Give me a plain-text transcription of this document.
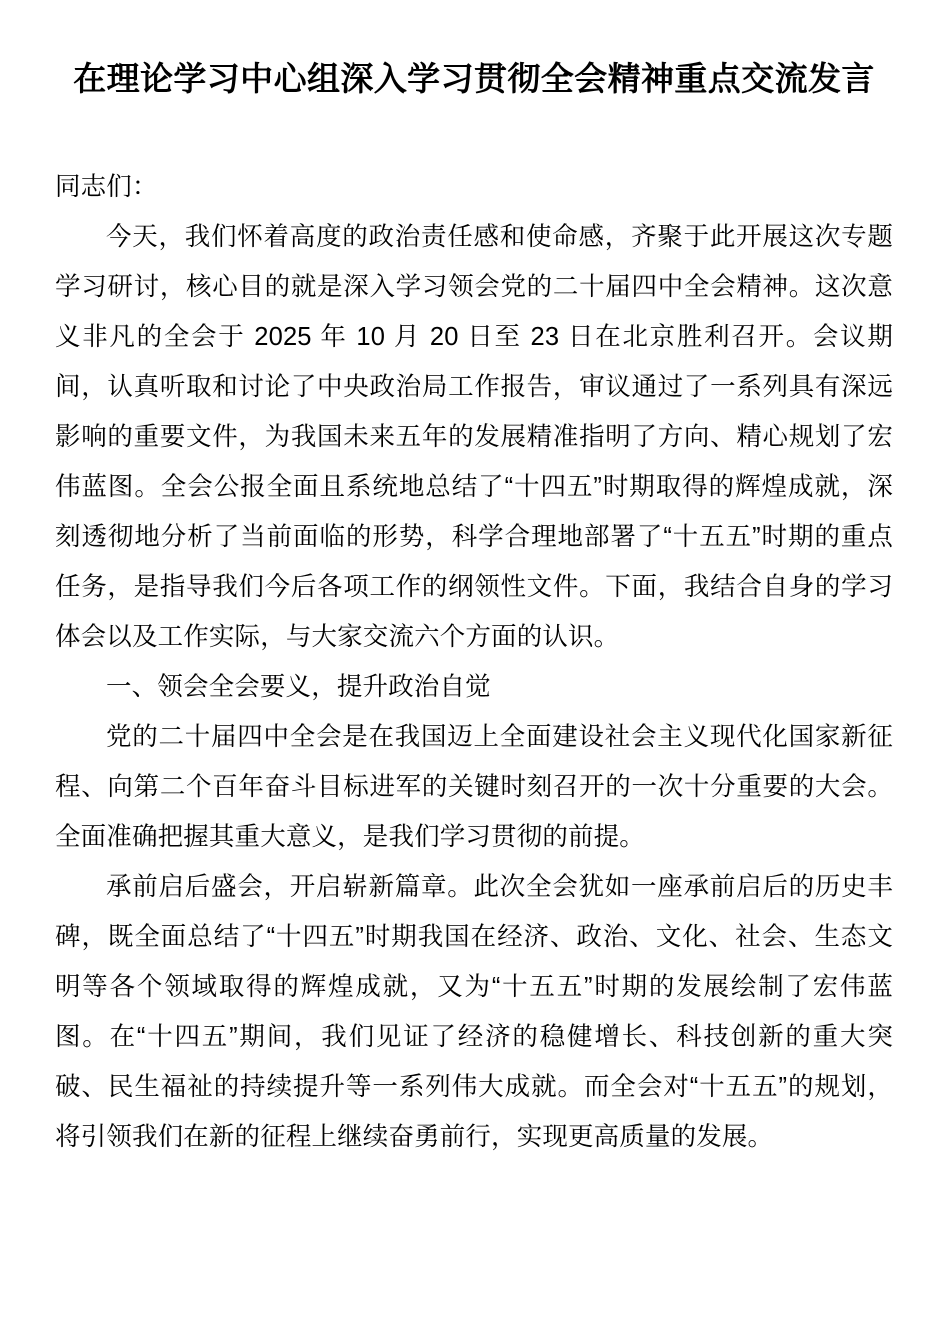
在理论学习中心组深入学习贯彻全会精神重点交流发言

同志们：

今天，我们怀着高度的政治责任感和使命感，齐聚于此开展这次专题学习研讨，核心目的就是深入学习领会党的二十届四中全会精神。这次意义非凡的全会于 2025 年 10 月 20 日至 23 日在北京胜利召开。会议期间，认真听取和讨论了中央政治局工作报告，审议通过了一系列具有深远影响的重要文件，为我国未来五年的发展精准指明了方向、精心规划了宏伟蓝图。全会公报全面且系统地总结了“十四五”时期取得的辉煌成就，深刻透彻地分析了当前面临的形势，科学合理地部署了“十五五”时期的重点任务，是指导我们今后各项工作的纲领性文件。下面，我结合自身的学习体会以及工作实际，与大家交流六个方面的认识。

一、领会全会要义，提升政治自觉

党的二十届四中全会是在我国迈上全面建设社会主义现代化国家新征程、向第二个百年奋斗目标进军的关键时刻召开的一次十分重要的大会。全面准确把握其重大意义，是我们学习贯彻的前提。

承前启后盛会，开启崭新篇章。此次全会犹如一座承前启后的历史丰碑，既全面总结了“十四五”时期我国在经济、政治、文化、社会、生态文明等各个领域取得的辉煌成就，又为“十五五”时期的发展绘制了宏伟蓝图。在“十四五”期间，我们见证了经济的稳健增长、科技创新的重大突破、民生福祉的持续提升等一系列伟大成就。而全会对“十五五”的规划，将引领我们在新的征程上继续奋勇前行，实现更高质量的发展。
